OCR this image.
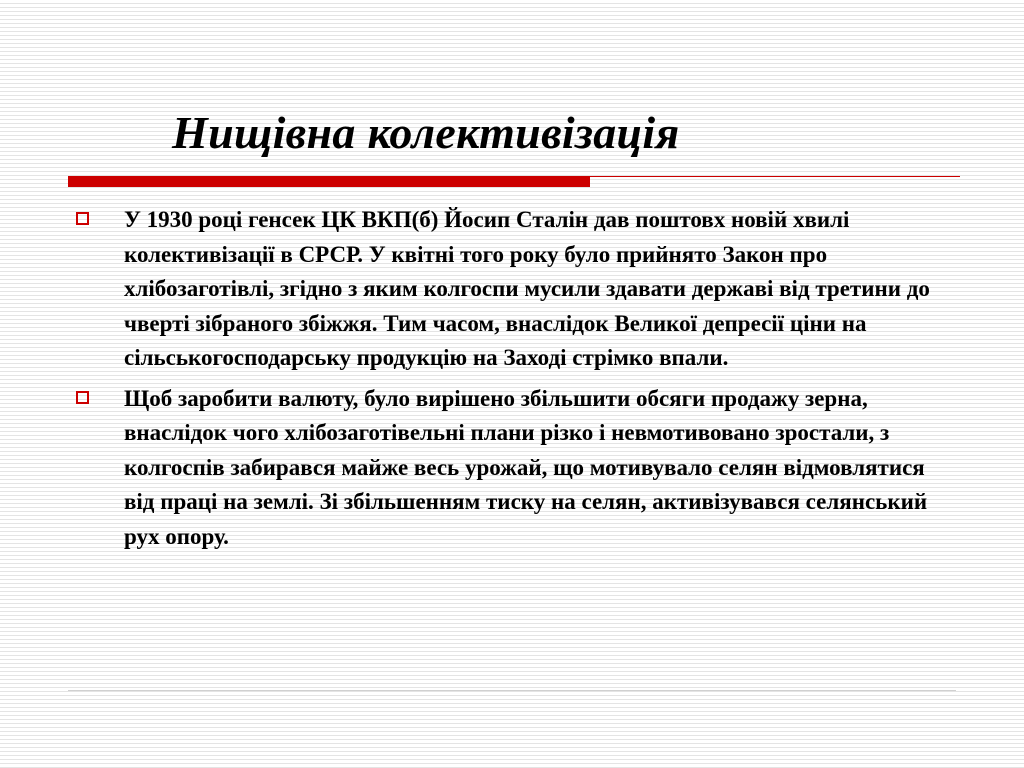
Нищівна колективізація
У 1930 році генсек ЦК ВКП(б) Йосип Сталін дав поштовх новій хвилі колективізації в СРСР. У квітні того року було прийнято Закон про хлібозаготівлі, згідно з яким колгоспи мусили здавати державі від третини до чверті зібраного збіжжя. Тим часом, внаслідок Великої депресії ціни на сільськогосподарську продукцію на Заході стрімко впали.
Щоб заробити валюту, було вирішено збільшити обсяги продажу зерна, внаслідок чого хлібозаготівельні плани різко і невмотивовано зростали, з колгоспів забирався майже весь урожай, що мотивувало селян відмовлятися від праці на землі. Зі збільшенням тиску на селян, активізувався селянський рух опору.
